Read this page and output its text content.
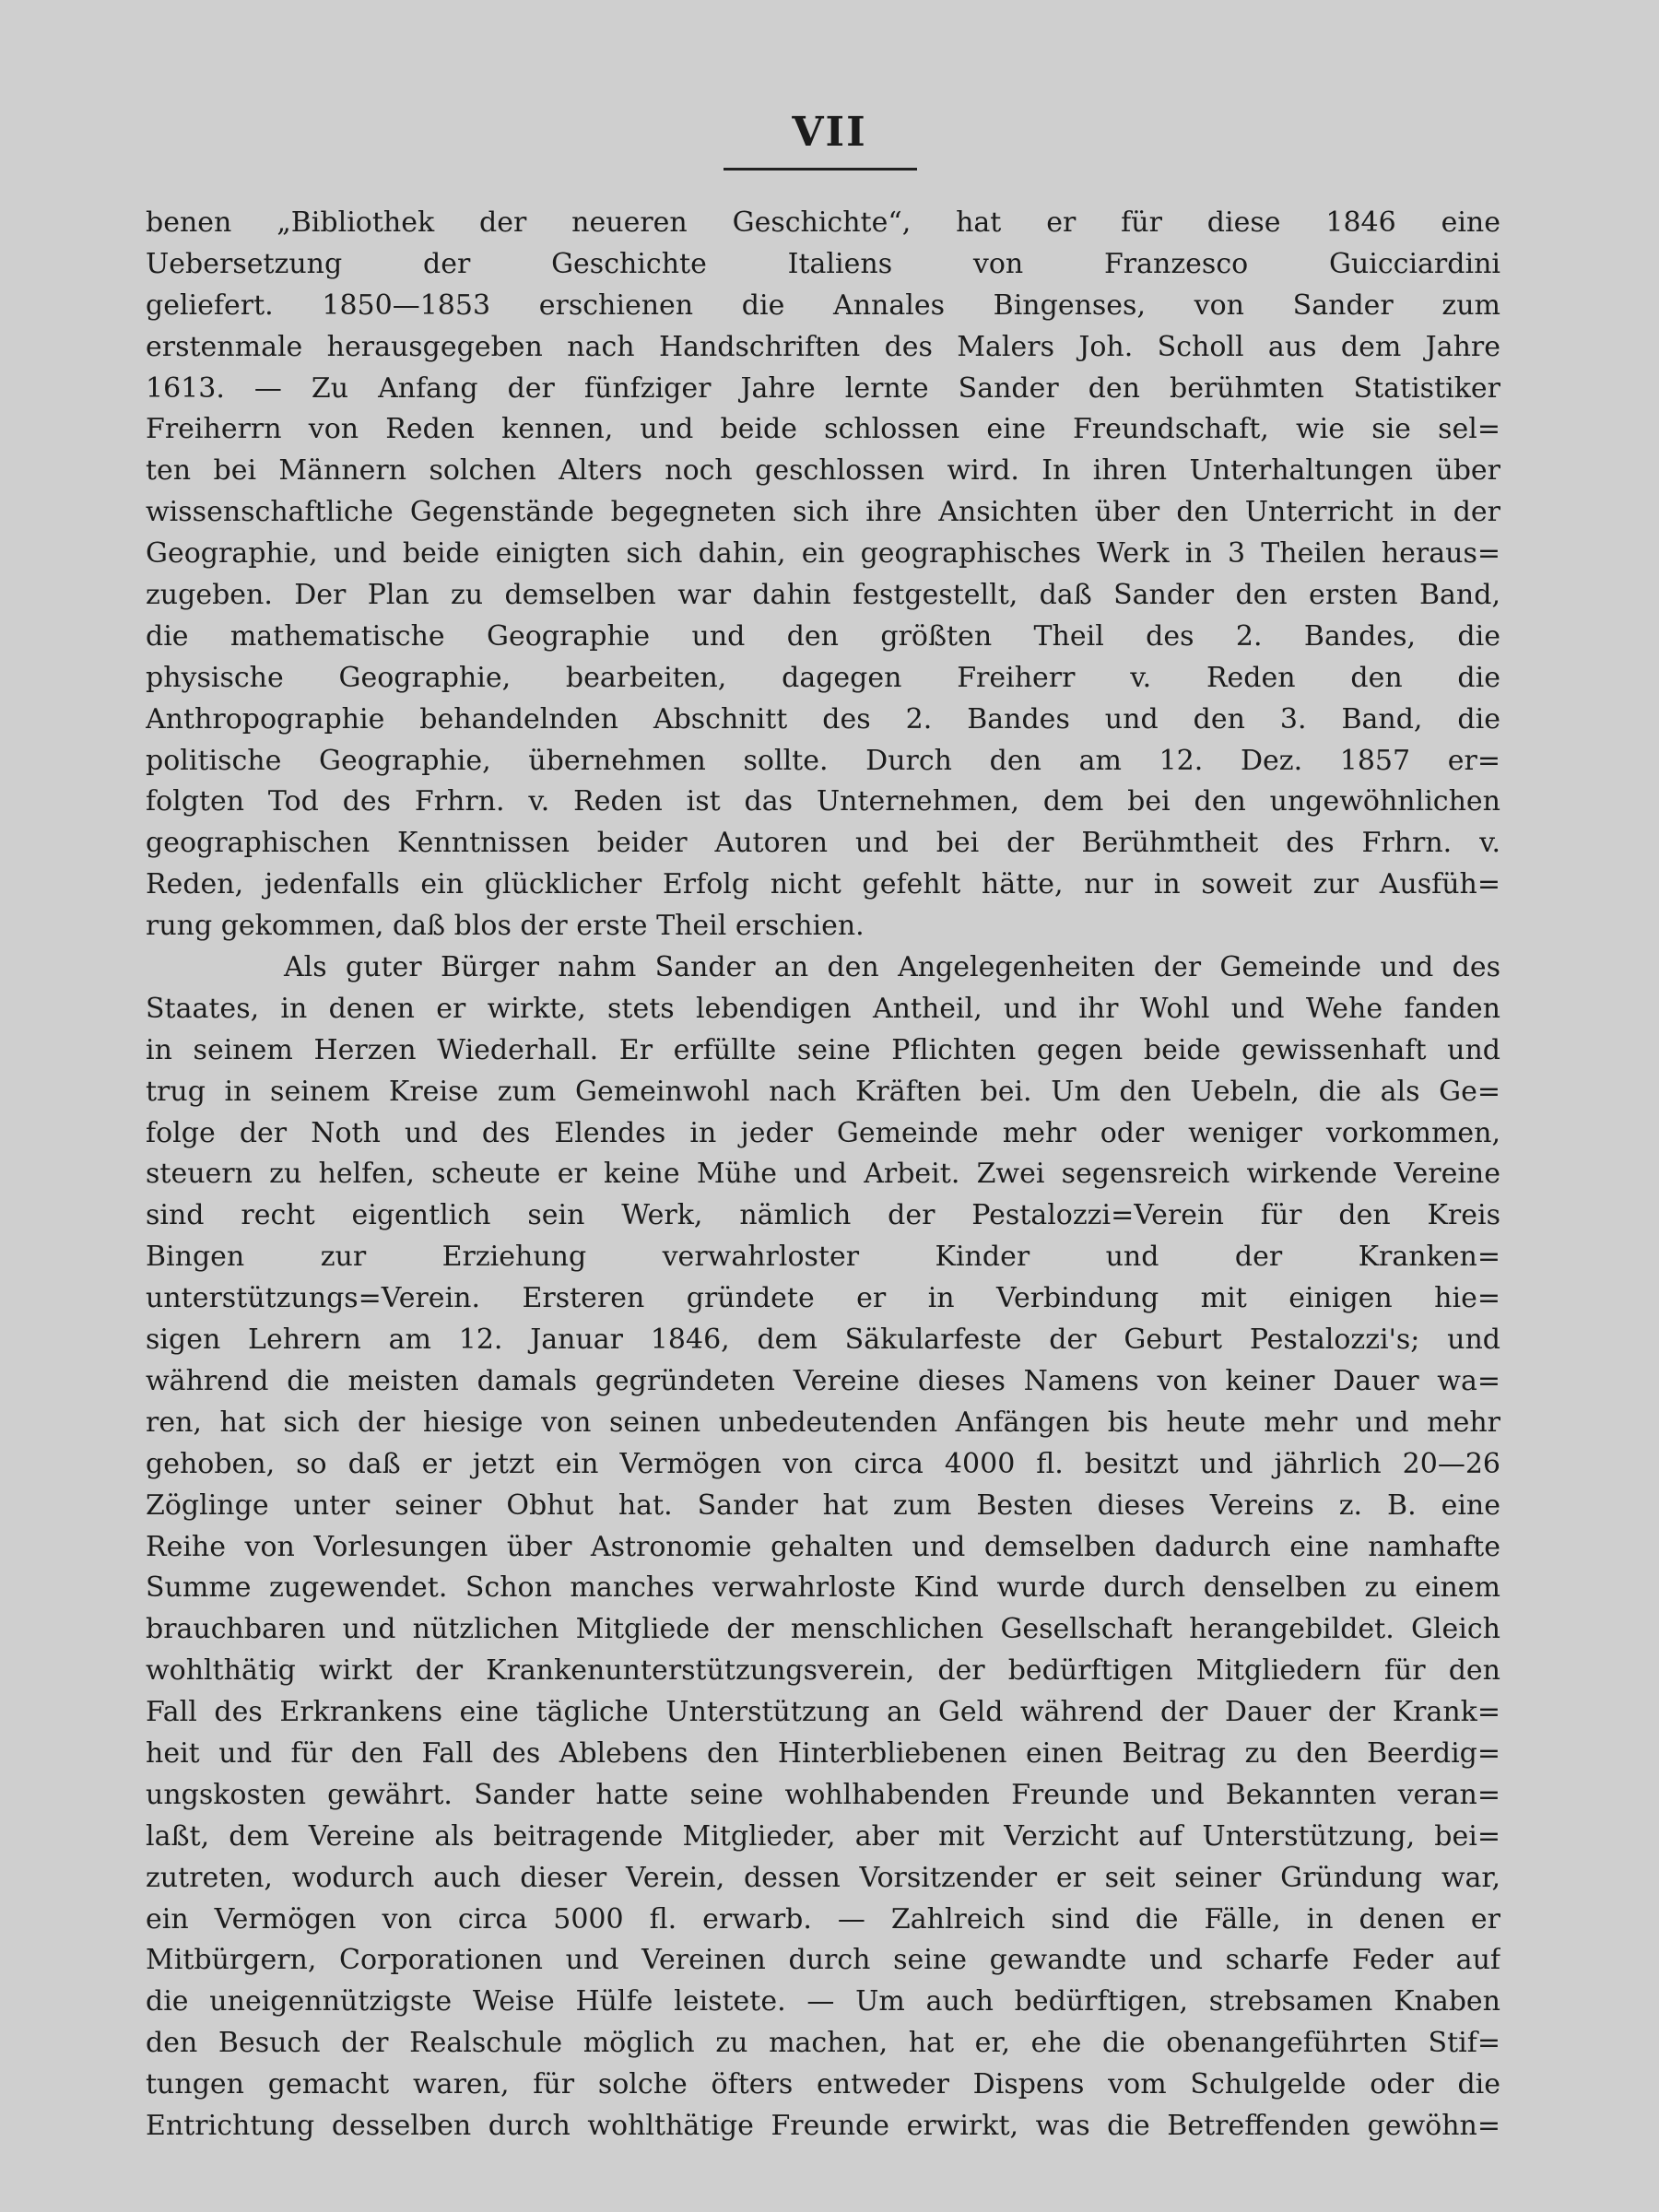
VII
benen „Bibliothek der neueren Geschichte“, hat er für diese 1846 eine
Uebersetzung der Geschichte Italiens von Franzesco Guicciardini
geliefert. 1850—1853 erschienen die Annales Bingenses, von Sander zum
erstenmale herausgegeben nach Handschriften des Malers Joh. Scholl aus dem Jahre
1613. — Zu Anfang der fünfziger Jahre lernte Sander den berühmten Statistiker
Freiherrn von Reden kennen, und beide schlossen eine Freundschaft, wie sie sel=
ten bei Männern solchen Alters noch geschlossen wird. In ihren Unterhaltungen über
wissenschaftliche Gegenstände begegneten sich ihre Ansichten über den Unterricht in der
Geographie, und beide einigten sich dahin, ein geographisches Werk in 3 Theilen heraus=
zugeben. Der Plan zu demselben war dahin festgestellt, daß Sander den ersten Band,
die mathematische Geographie und den größten Theil des 2. Bandes, die
physische Geographie, bearbeiten, dagegen Freiherr v. Reden den die
Anthropographie behandelnden Abschnitt des 2. Bandes und den 3. Band, die
politische Geographie, übernehmen sollte. Durch den am 12. Dez. 1857 er=
folgten Tod des Frhrn. v. Reden ist das Unternehmen, dem bei den ungewöhnlichen
geographischen Kenntnissen beider Autoren und bei der Berühmtheit des Frhrn. v.
Reden, jedenfalls ein glücklicher Erfolg nicht gefehlt hätte, nur in soweit zur Ausfüh=
rung gekommen, daß blos der erste Theil erschien.
Als guter Bürger nahm Sander an den Angelegenheiten der Gemeinde und des
Staates, in denen er wirkte, stets lebendigen Antheil, und ihr Wohl und Wehe fanden
in seinem Herzen Wiederhall. Er erfüllte seine Pflichten gegen beide gewissenhaft und
trug in seinem Kreise zum Gemeinwohl nach Kräften bei. Um den Uebeln, die als Ge=
folge der Noth und des Elendes in jeder Gemeinde mehr oder weniger vorkommen,
steuern zu helfen, scheute er keine Mühe und Arbeit. Zwei segensreich wirkende Vereine
sind recht eigentlich sein Werk, nämlich der Pestalozzi=Verein für den Kreis
Bingen zur Erziehung verwahrloster Kinder und der Kranken=
unterstützungs=Verein. Ersteren gründete er in Verbindung mit einigen hie=
sigen Lehrern am 12. Januar 1846, dem Säkularfeste der Geburt Pestalozzi's; und
während die meisten damals gegründeten Vereine dieses Namens von keiner Dauer wa=
ren, hat sich der hiesige von seinen unbedeutenden Anfängen bis heute mehr und mehr
gehoben, so daß er jetzt ein Vermögen von circa 4000 fl. besitzt und jährlich 20—26
Zöglinge unter seiner Obhut hat. Sander hat zum Besten dieses Vereins z. B. eine
Reihe von Vorlesungen über Astronomie gehalten und demselben dadurch eine namhafte
Summe zugewendet. Schon manches verwahrloste Kind wurde durch denselben zu einem
brauchbaren und nützlichen Mitgliede der menschlichen Gesellschaft herangebildet. Gleich
wohlthätig wirkt der Krankenunterstützungsverein, der bedürftigen Mitgliedern für den
Fall des Erkrankens eine tägliche Unterstützung an Geld während der Dauer der Krank=
heit und für den Fall des Ablebens den Hinterbliebenen einen Beitrag zu den Beerdig=
ungskosten gewährt. Sander hatte seine wohlhabenden Freunde und Bekannten veran=
laßt, dem Vereine als beitragende Mitglieder, aber mit Verzicht auf Unterstützung, bei=
zutreten, wodurch auch dieser Verein, dessen Vorsitzender er seit seiner Gründung war,
ein Vermögen von circa 5000 fl. erwarb. — Zahlreich sind die Fälle, in denen er
Mitbürgern, Corporationen und Vereinen durch seine gewandte und scharfe Feder auf
die uneigennützigste Weise Hülfe leistete. — Um auch bedürftigen, strebsamen Knaben
den Besuch der Realschule möglich zu machen, hat er, ehe die obenangeführten Stif=
tungen gemacht waren, für solche öfters entweder Dispens vom Schulgelde oder die
Entrichtung desselben durch wohlthätige Freunde erwirkt, was die Betreffenden gewöhn=
